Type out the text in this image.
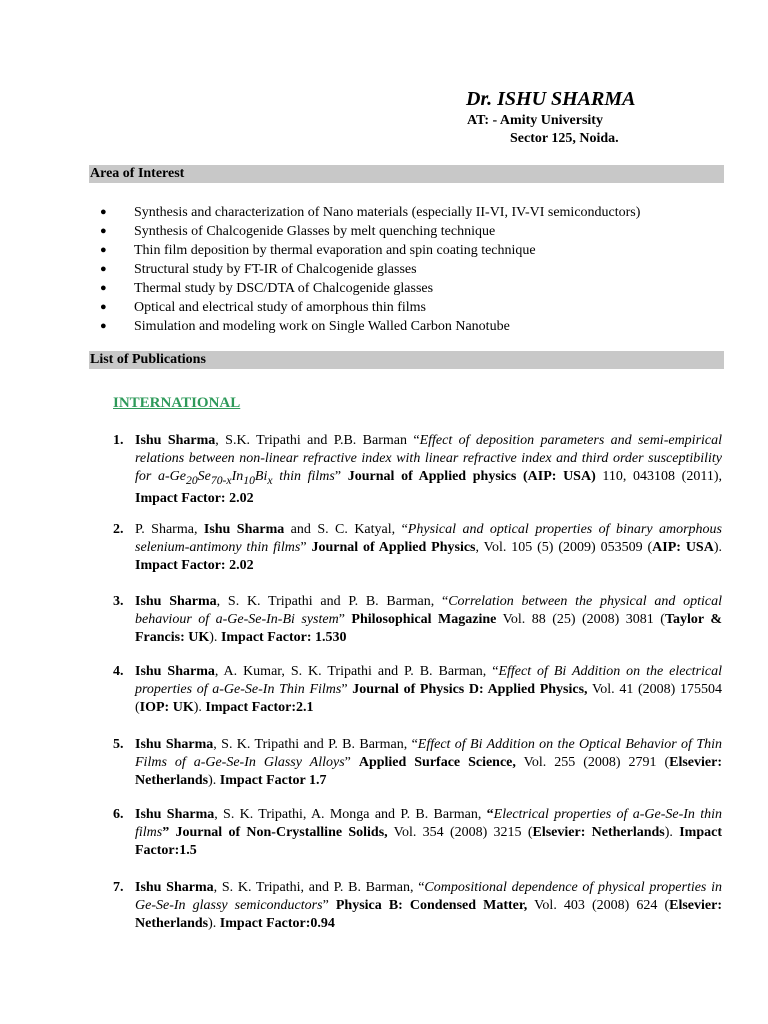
Dr. ISHU SHARMA
AT: - Amity University
Sector 125, Noida.
Area of Interest
● Synthesis and characterization of Nano materials (especially II-VI, IV-VI semiconductors)
● Synthesis of Chalcogenide Glasses by melt quenching technique
● Thin film deposition by thermal evaporation and spin coating technique
● Structural study by FT-IR of Chalcogenide glasses
● Thermal study by DSC/DTA of Chalcogenide glasses
● Optical and electrical study of amorphous thin films
● Simulation and modeling work on Single Walled Carbon Nanotube
List of Publications
INTERNATIONAL
1. Ishu Sharma, S.K. Tripathi and P.B. Barman “Effect of deposition parameters and semi-empirical relations between non-linear refractive index with linear refractive index and third order susceptibility for $a-Ge_{20}Se_{70-x}In_{10}Bi_x$ thin films” Journal of Applied physics (AIP: USA) 110, 043108 (2011), Impact Factor: 2.02
2. P. Sharma, Ishu Sharma and S. C. Katyal, “Physical and optical properties of binary amorphous selenium-antimony thin films” Journal of Applied Physics, Vol. 105 (5) (2009) 053509 (AIP: USA). Impact Factor: 2.02
3. Ishu Sharma, S. K. Tripathi and P. B. Barman, “Correlation between the physical and optical behaviour of a-Ge-Se-In-Bi system” Philosophical Magazine Vol. 88 (25) (2008) 3081 (Taylor & Francis: UK). Impact Factor: 1.530
4. Ishu Sharma, A. Kumar, S. K. Tripathi and P. B. Barman, “Effect of Bi Addition on the electrical properties of a-Ge-Se-In Thin Films” Journal of Physics D: Applied Physics, Vol. 41 (2008) 175504 (IOP: UK). Impact Factor:2.1
5. Ishu Sharma, S. K. Tripathi and P. B. Barman, “Effect of Bi Addition on the Optical Behavior of Thin Films of a-Ge-Se-In Glassy Alloys” Applied Surface Science, Vol. 255 (2008) 2791 (Elsevier: Netherlands). Impact Factor 1.7
6. Ishu Sharma, S. K. Tripathi, A. Monga and P. B. Barman, “Electrical properties of a-Ge-Se-In thin films” Journal of Non-Crystalline Solids, Vol. 354 (2008) 3215 (Elsevier: Netherlands). Impact Factor:1.5
7. Ishu Sharma, S. K. Tripathi, and P. B. Barman, “Compositional dependence of physical properties in Ge-Se-In glassy semiconductors” Physica B: Condensed Matter, Vol. 403 (2008) 624 (Elsevier: Netherlands). Impact Factor:0.94
